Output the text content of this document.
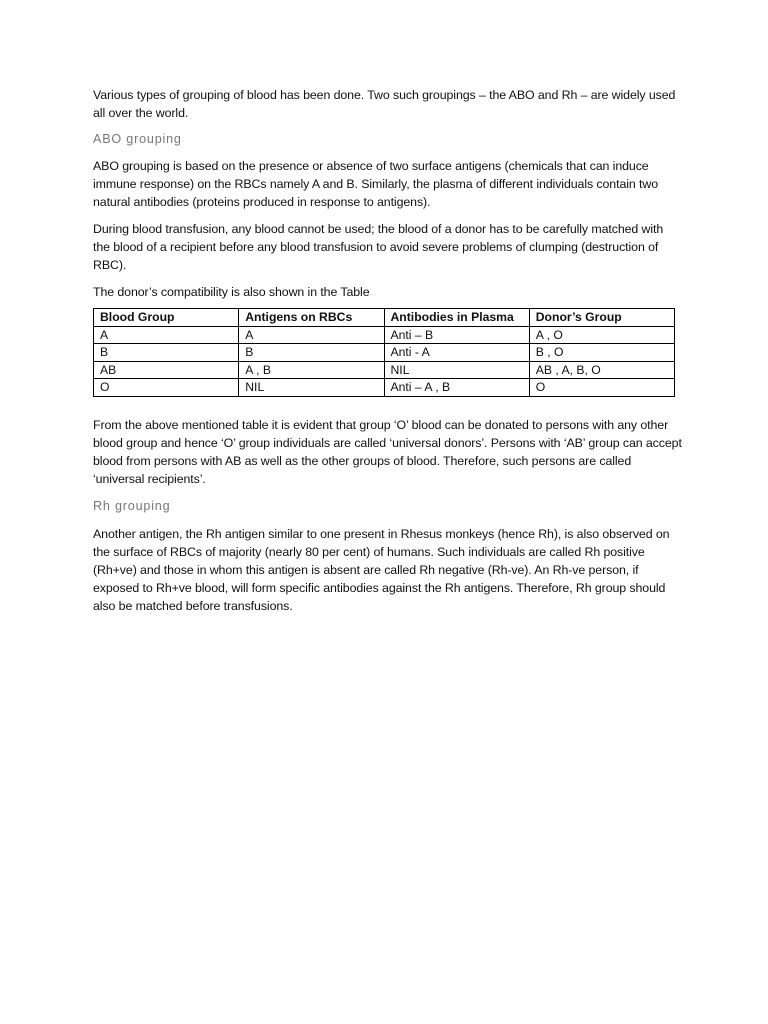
Various types of grouping of blood has been done. Two such groupings – the ABO and Rh – are widely used all over the world.

ABO grouping

ABO grouping is based on the presence or absence of two surface antigens (chemicals that can induce immune response) on the RBCs namely A and B. Similarly, the plasma of different individuals contain two natural antibodies (proteins produced in response to antigens).

During blood transfusion, any blood cannot be used; the blood of a donor has to be carefully matched with the blood of a recipient before any blood transfusion to avoid severe problems of clumping (destruction of RBC).

The donor’s compatibility is also shown in the Table

Blood Group	Antigens on RBCs	Antibodies in Plasma	Donor’s Group
A	A	Anti – B	A , O
B	B	Anti - A	B , O
AB	A , B	NIL	AB , A, B, O
O	NIL	Anti – A , B	O

From the above mentioned table it is evident that group ‘O’ blood can be donated to persons with any other blood group and hence ‘O’ group individuals are called ‘universal donors’. Persons with ‘AB’ group can accept blood from persons with AB as well as the other groups of blood. Therefore, such persons are called ‘universal recipients’.

Rh grouping

Another antigen, the Rh antigen similar to one present in Rhesus monkeys (hence Rh), is also observed on the surface of RBCs of majority (nearly 80 per cent) of humans. Such individuals are called Rh positive (Rh+ve) and those in whom this antigen is absent are called Rh negative (Rh-ve). An Rh-ve person, if exposed to Rh+ve blood, will form specific antibodies against the Rh antigens. Therefore, Rh group should also be matched before transfusions.
